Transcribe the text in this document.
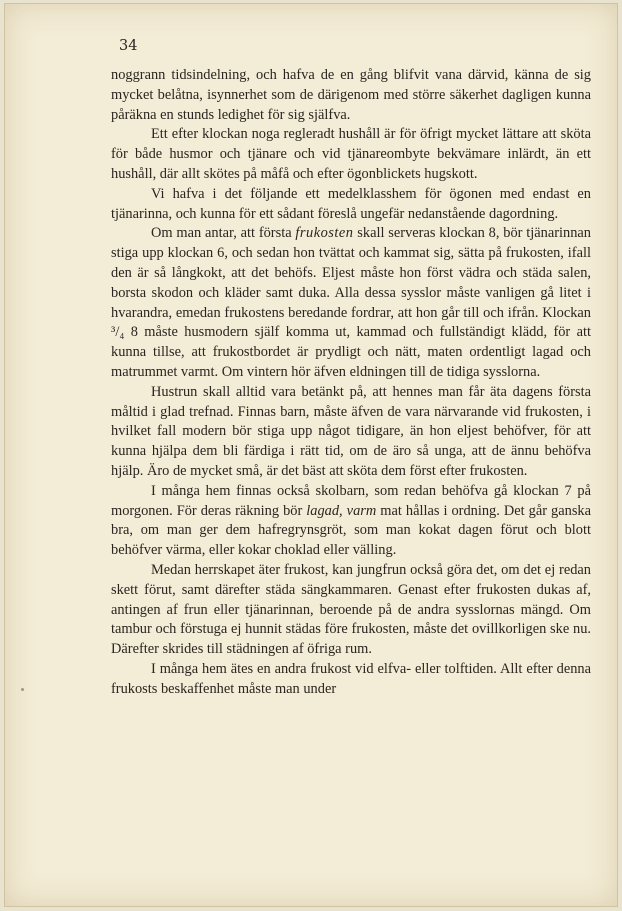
34

noggrann tidsindelning, och hafva de en gång blifvit vana därvid, känna de sig mycket belåtna, isynnerhet som de därigenom med större säkerhet dagligen kunna påräkna en stunds ledighet för sig själfva.

Ett efter klockan noga regleradt hushåll är för öfrigt mycket lättare att sköta för både husmor och tjänare och vid tjänareombyte bekvämare inlärdt, än ett hushåll, där allt skötes på måfå och efter ögonblickets hugskott.

Vi hafva i det följande ett medelklasshem för ögonen med endast en tjänarinna, och kunna för ett sådant föreslå ungefär nedanstående dagordning.

Om man antar, att första frukosten skall serveras klockan 8, bör tjänarinnan stiga upp klockan 6, och sedan hon tvättat och kammat sig, sätta på frukosten, ifall den är så långkokt, att det behöfs. Eljest måste hon först vädra och städa salen, borsta skodon och kläder samt duka. Alla dessa sysslor måste vanligen gå litet i hvarandra, emedan frukostens beredande fordrar, att hon går till och ifrån. Klockan ³/₄ 8 måste husmodern själf komma ut, kammad och fullständigt klädd, för att kunna tillse, att frukostbordet är prydligt och nätt, maten ordentligt lagad och matrummet varmt. Om vintern hör äfven eldningen till de tidiga sysslorna.

Hustrun skall alltid vara betänkt på, att hennes man får äta dagens första måltid i glad trefnad. Finnas barn, måste äfven de vara närvarande vid frukosten, i hvilket fall modern bör stiga upp något tidigare, än hon eljest behöfver, för att kunna hjälpa dem bli färdiga i rätt tid, om de äro så unga, att de ännu behöfva hjälp. Äro de mycket små, är det bäst att sköta dem först efter frukosten.

I många hem finnas också skolbarn, som redan behöfva gå klockan 7 på morgonen. För deras räkning bör lagad, varm mat hållas i ordning. Det går ganska bra, om man ger dem hafregrynsgröt, som man kokat dagen förut och blott behöfver värma, eller kokar choklad eller välling.

Medan herrskapet äter frukost, kan jungfrun också göra det, om det ej redan skett förut, samt därefter städa sängkammaren. Genast efter frukosten dukas af, antingen af frun eller tjänarinnan, beroende på de andra sysslornas mängd. Om tambur och förstuga ej hunnit städas före frukosten, måste det ovillkorligen ske nu. Därefter skrides till städningen af öfriga rum.

I många hem ätes en andra frukost vid elfva- eller tolftiden. Allt efter denna frukosts beskaffenhet måste man under
